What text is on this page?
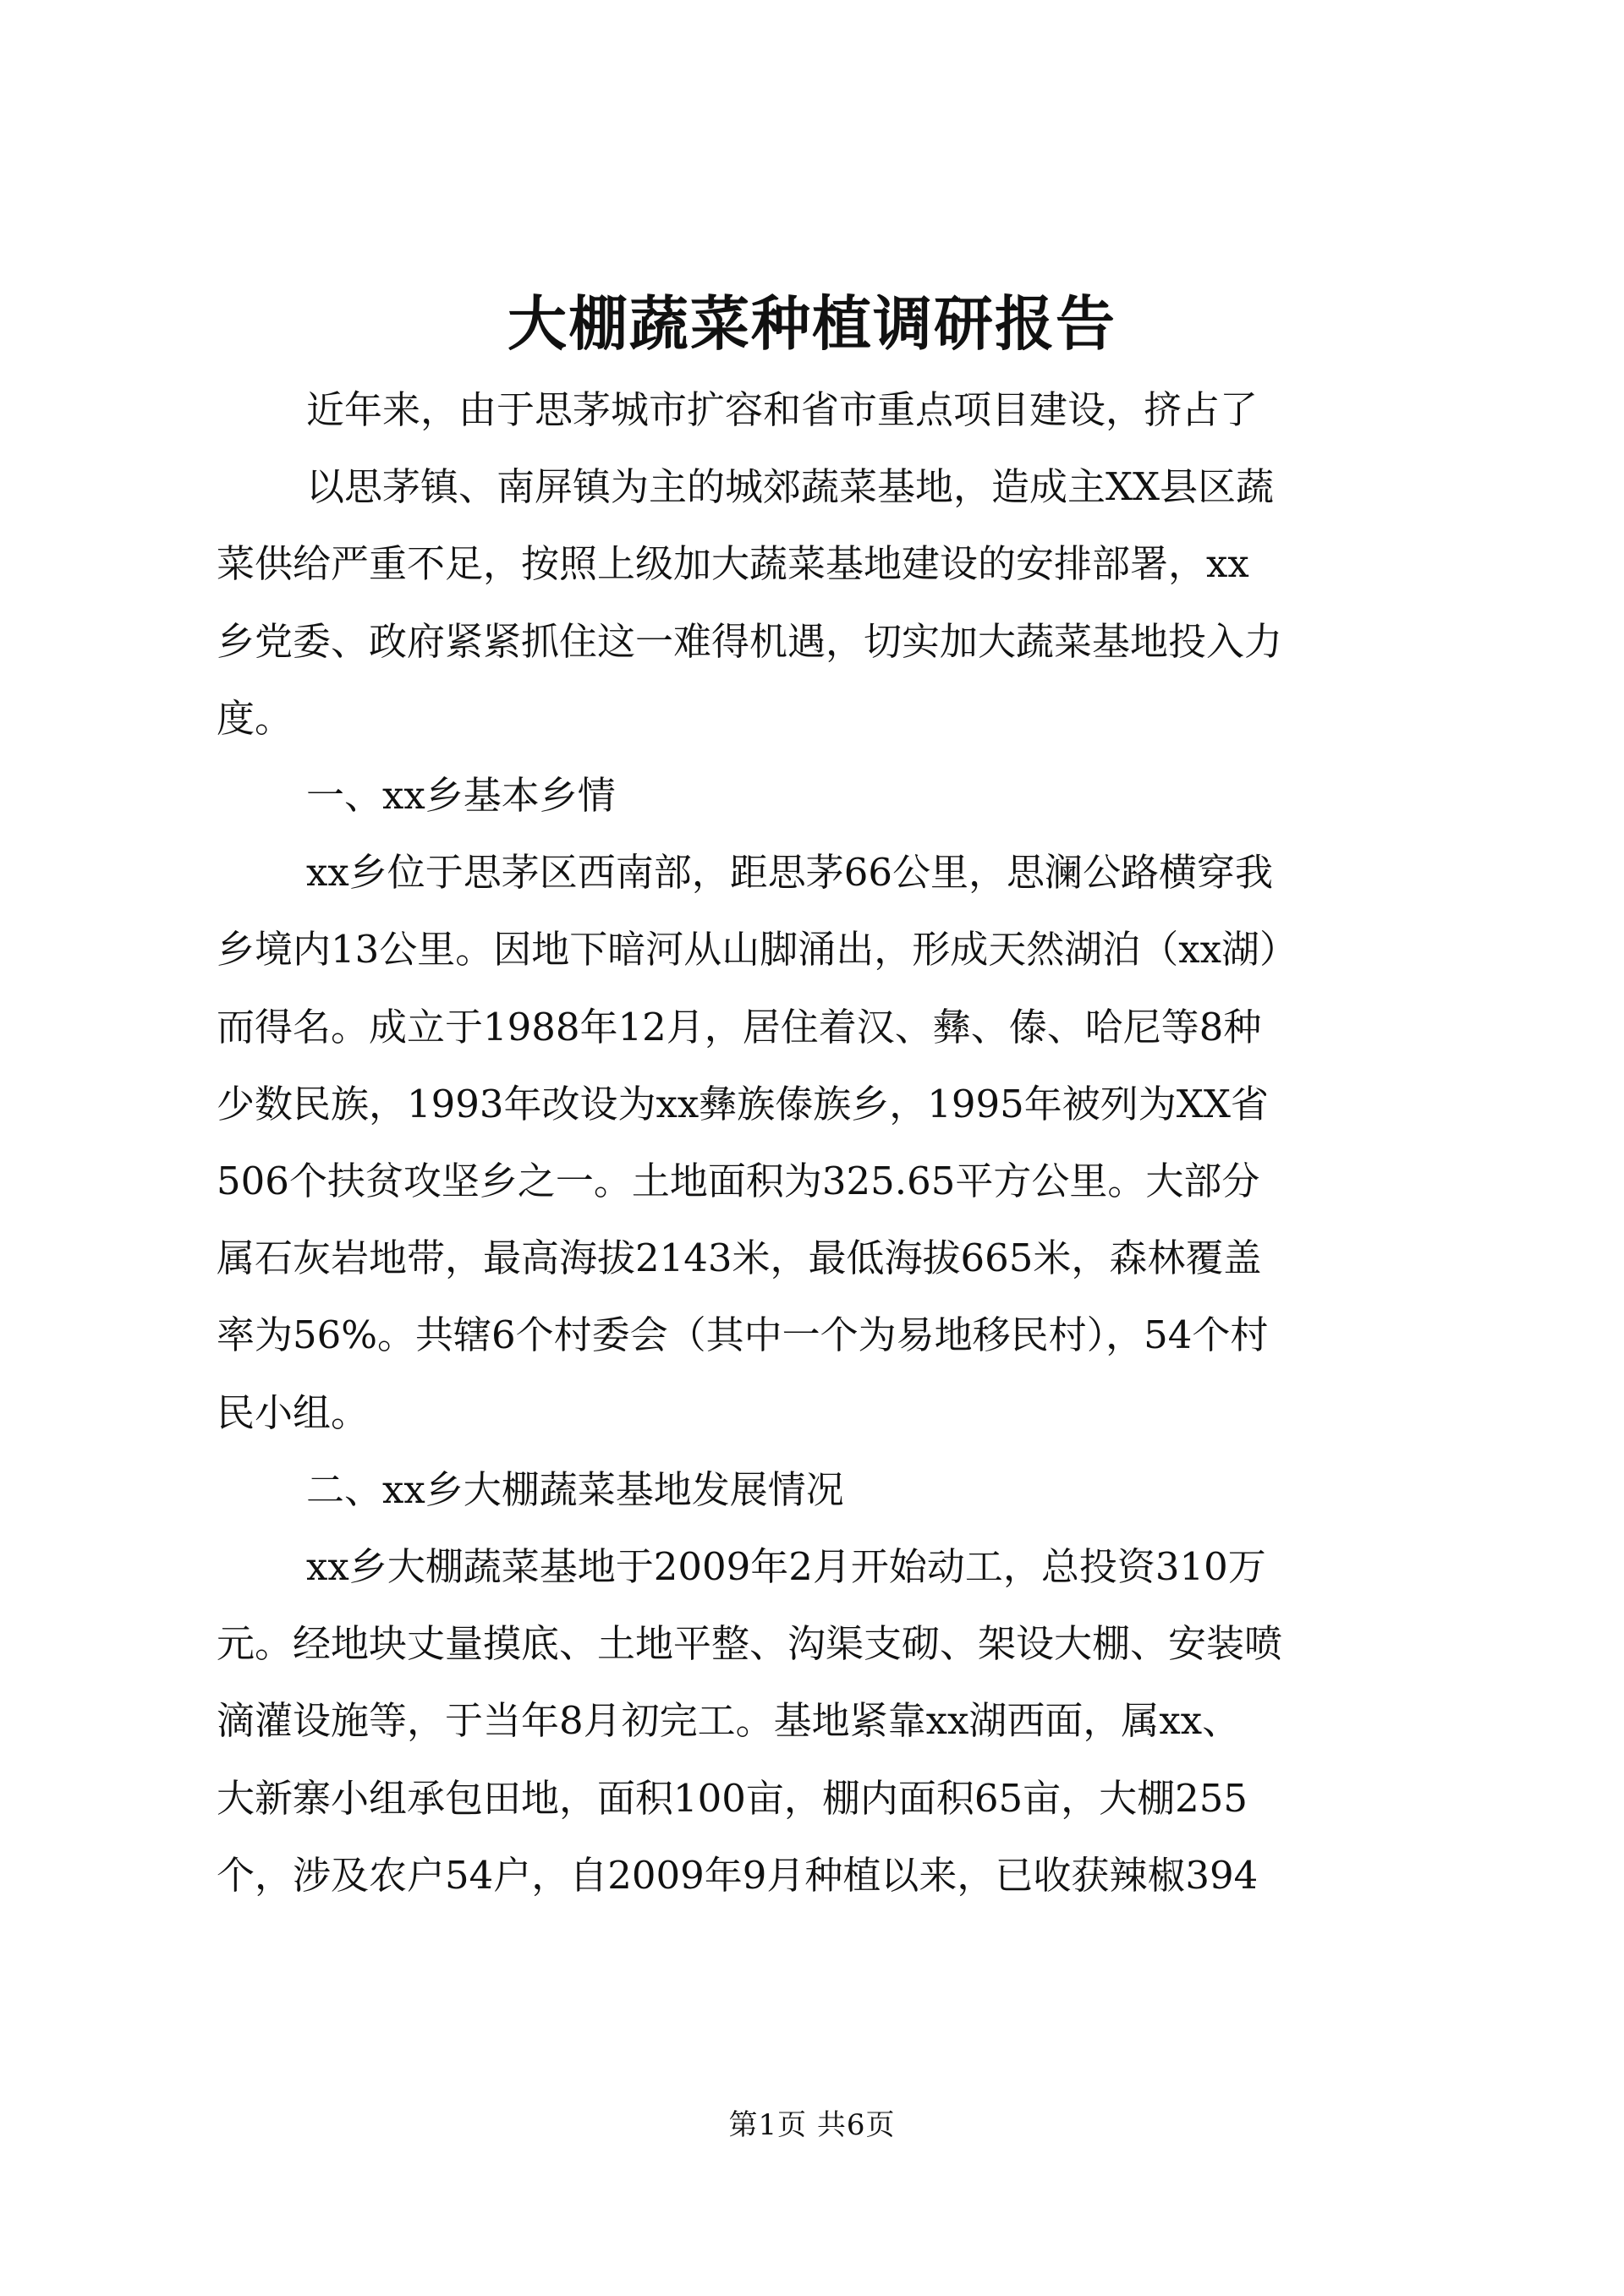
大棚蔬菜种植调研报告

近年来，由于思茅城市扩容和省市重点项目建设，挤占了

以思茅镇、南屏镇为主的城郊蔬菜基地，造成主XX县区蔬

菜供给严重不足，按照上级加大蔬菜基地建设的安排部署，xx

乡党委、政府紧紧抓住这一难得机遇，切实加大蔬菜基地投入力

度。

一、xx乡基本乡情

xx乡位于思茅区西南部，距思茅66公里，思澜公路横穿我

乡境内13公里。因地下暗河从山脚涌出，形成天然湖泊（xx湖）

而得名。成立于1988年12月，居住着汉、彝、傣、哈尼等8种

少数民族，1993年改设为xx彝族傣族乡，1995年被列为XX省

506个扶贫攻坚乡之一。土地面积为325.65平方公里。大部分

属石灰岩地带，最高海拔2143米，最低海拔665米，森林覆盖

率为56%。共辖6个村委会（其中一个为易地移民村），54个村

民小组。

二、xx乡大棚蔬菜基地发展情况

xx乡大棚蔬菜基地于2009年2月开始动工，总投资310万

元。经地块丈量摸底、土地平整、沟渠支砌、架设大棚、安装喷

滴灌设施等，于当年8月初完工。基地紧靠xx湖西面，属xx、

大新寨小组承包田地，面积100亩，棚内面积65亩，大棚255

个，涉及农户54户，自2009年9月种植以来，已收获辣椒394

第1页 共6页
